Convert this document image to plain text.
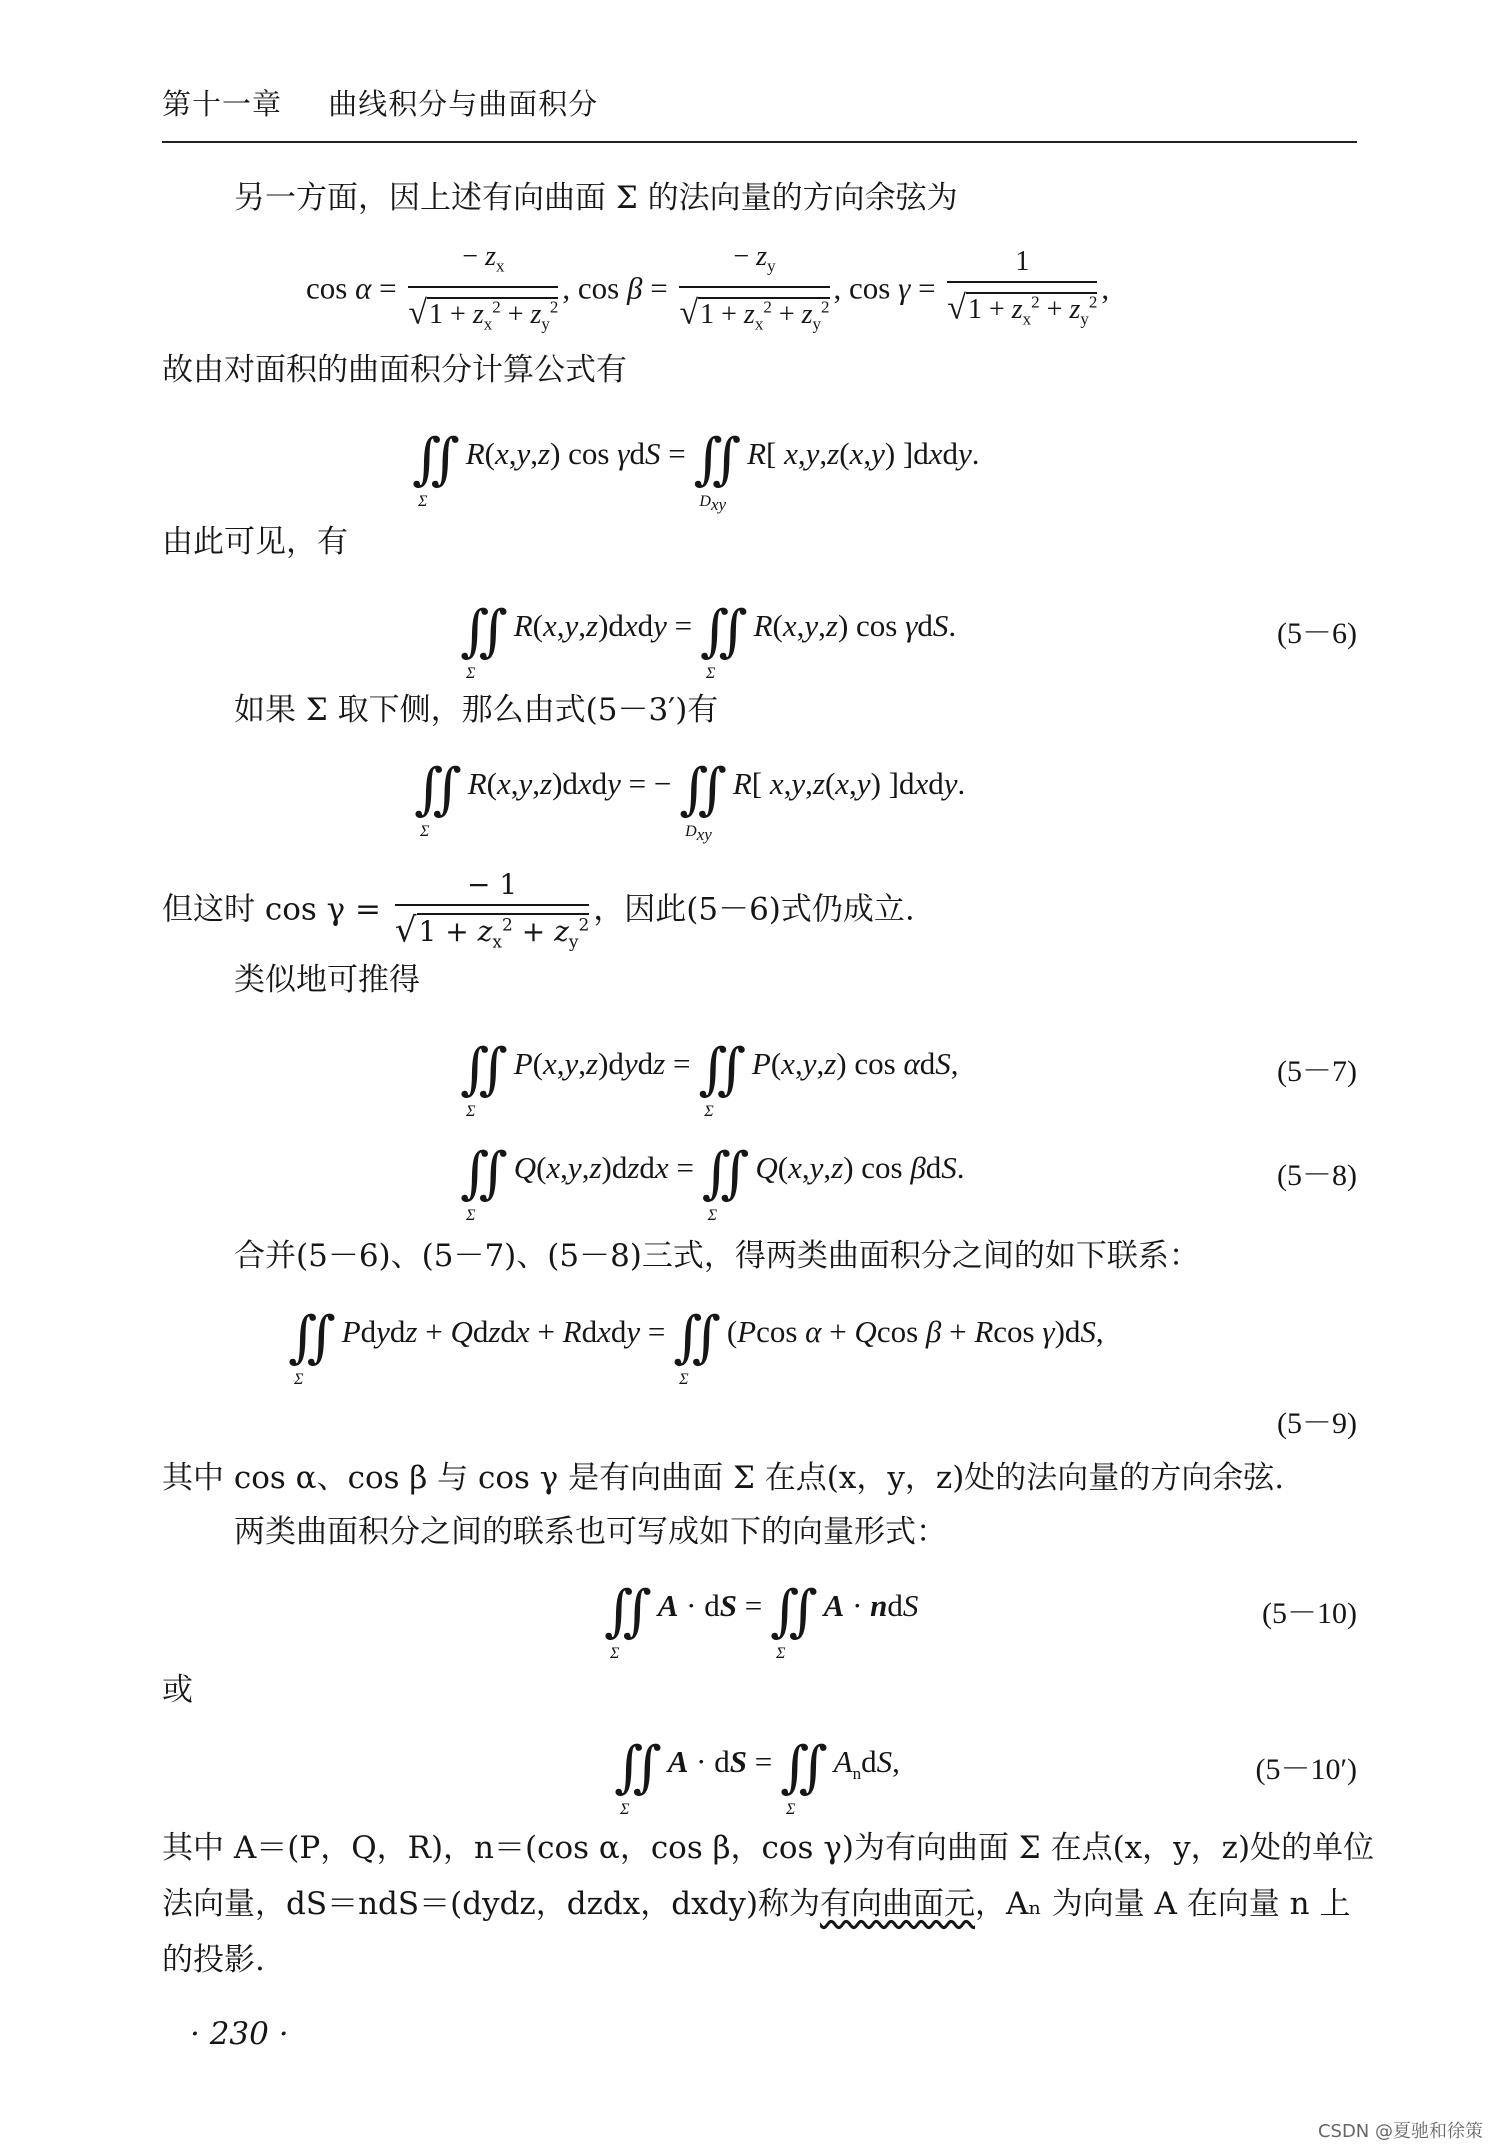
第十一章 曲线积分与曲面积分
另一方面，因上述有向曲面 Σ 的法向量的方向余弦为
$\cos \alpha = \frac{- z_x}{√1 + z_x^2 + z_y^2}$ , $\cos \beta = \frac{- z_y}{√1 + z_x^2 + z_y^2}$ , $\cos \gamma = \frac{1}{√1 + z_x^2 + z_y^2}$ ,
故由对面积的曲面积分计算公式有
∬
Σ
R(x,y,z) cos γdS = ∬
$D_{xy}$
R[ x,y,z(x,y) ]dxdy.
由此可见，有
∬
Σ
R(x,y,z)dxdy = ∬
Σ
R(x,y,z) cos γdS.	(5－6)
如果 Σ 取下侧，那么由式(5－3′)有
∬
Σ
R(x,y,z)dxdy = − ∬
$D_{xy}$
R[ x,y,z(x,y) ]dxdy.
但这时 $\cos \gamma = \frac{- 1}{√1 + z_x^2 + z_y^2}$ ，因此(5－6)式仍成立.
类似地可推得
∬
Σ
P(x,y,z)dydz = ∬
Σ
P(x,y,z) cos αdS,	(5－7)
∬
Σ
Q(x,y,z)dzdx = ∬
Σ
Q(x,y,z) cos βdS.	(5－8)
合并(5－6)、(5－7)、(5－8)三式，得两类曲面积分之间的如下联系：
∬
Σ
Pdydz + Qdzdx + Rdxdy = ∬
Σ
(Pcos α + Qcos β + Rcos γ)dS,
(5－9)
其中 cos α、cos β 与 cos γ 是有向曲面 Σ 在点(x，y，z)处的法向量的方向余弦.
两类曲面积分之间的联系也可写成如下的向量形式：
∬
Σ
A · dS = ∬
Σ
A · ndS	(5－10)
或
∬
Σ
A · dS = ∬
Σ
$A_ndS$,	(5－10′)
其中 A＝(P，Q，R)，n＝(cos α，cos β，cos γ)为有向曲面 Σ 在点(x，y，z)处的单位
法向量，dS＝ndS＝(dydz，dzdx，dxdy)称为有向曲面元，Aₙ 为向量 A 在向量 n 上
的投影.
· 230 ·
CSDN @夏驰和徐策
